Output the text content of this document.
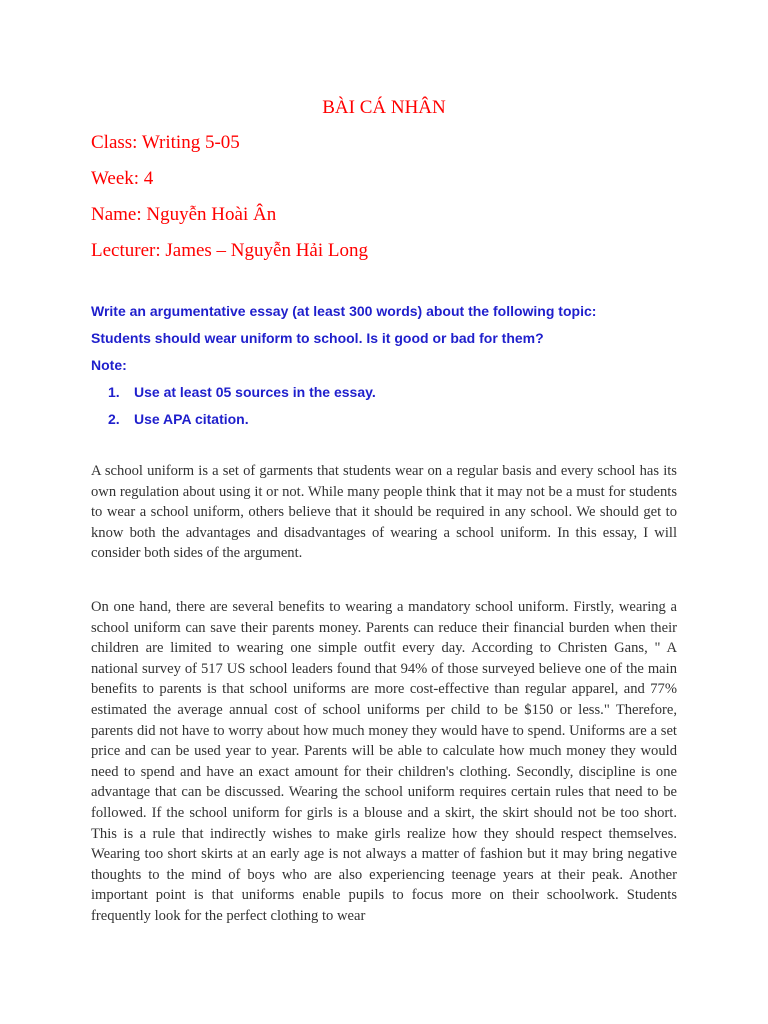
BÀI CÁ NHÂN
Class: Writing 5-05
Week: 4
Name: Nguyễn Hoài Ân
Lecturer: James – Nguyễn Hải Long
Write an argumentative essay (at least 300 words) about the following topic:
Students should wear uniform to school. Is it good or bad for them?
Note:
1. Use at least 05 sources in the essay.
2. Use APA citation.
A school uniform is a set of garments that students wear on a regular basis and every school has its own regulation about using it or not. While many people think that it may not be a must for students to wear a school uniform, others believe that it should be required in any school. We should get to know both the advantages and disadvantages of wearing a school uniform. In this essay, I will consider both sides of the argument.
On one hand, there are several benefits to wearing a mandatory school uniform. Firstly, wearing a school uniform can save their parents money. Parents can reduce their financial burden when their children are limited to wearing one simple outfit every day. According to Christen Gans, " A national survey of 517 US school leaders found that 94% of those surveyed believe one of the main benefits to parents is that school uniforms are more cost-effective than regular apparel, and 77% estimated the average annual cost of school uniforms per child to be $150 or less." Therefore, parents did not have to worry about how much money they would have to spend. Uniforms are a set price and can be used year to year. Parents will be able to calculate how much money they would need to spend and have an exact amount for their children's clothing. Secondly, discipline is one advantage that can be discussed. Wearing the school uniform requires certain rules that need to be followed. If the school uniform for girls is a blouse and a skirt, the skirt should not be too short. This is a rule that indirectly wishes to make girls realize how they should respect themselves. Wearing too short skirts at an early age is not always a matter of fashion but it may bring negative thoughts to the mind of boys who are also experiencing teenage years at their peak. Another important point is that uniforms enable pupils to focus more on their schoolwork. Students frequently look for the perfect clothing to wear
